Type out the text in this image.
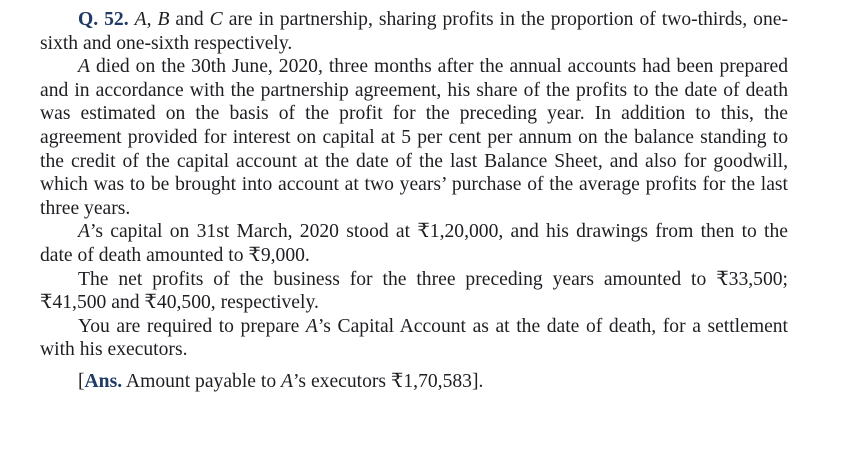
Q. 52. A, B and C are in partnership, sharing profits in the proportion of two-thirds, one-sixth and one-sixth respectively.

A died on the 30th June, 2020, three months after the annual accounts had been prepared and in accordance with the partnership agreement, his share of the profits to the date of death was estimated on the basis of the profit for the preceding year. In addition to this, the agreement provided for interest on capital at 5 per cent per annum on the balance standing to the credit of the capital account at the date of the last Balance Sheet, and also for goodwill, which was to be brought into account at two years’ purchase of the average profits for the last three years.

A’s capital on 31st March, 2020 stood at ₹1,20,000, and his drawings from then to the date of death amounted to ₹9,000.

The net profits of the business for the three preceding years amounted to ₹33,500; ₹41,500 and ₹40,500, respectively.

You are required to prepare A’s Capital Account as at the date of death, for a settlement with his executors.

[Ans. Amount payable to A’s executors ₹1,70,583].
